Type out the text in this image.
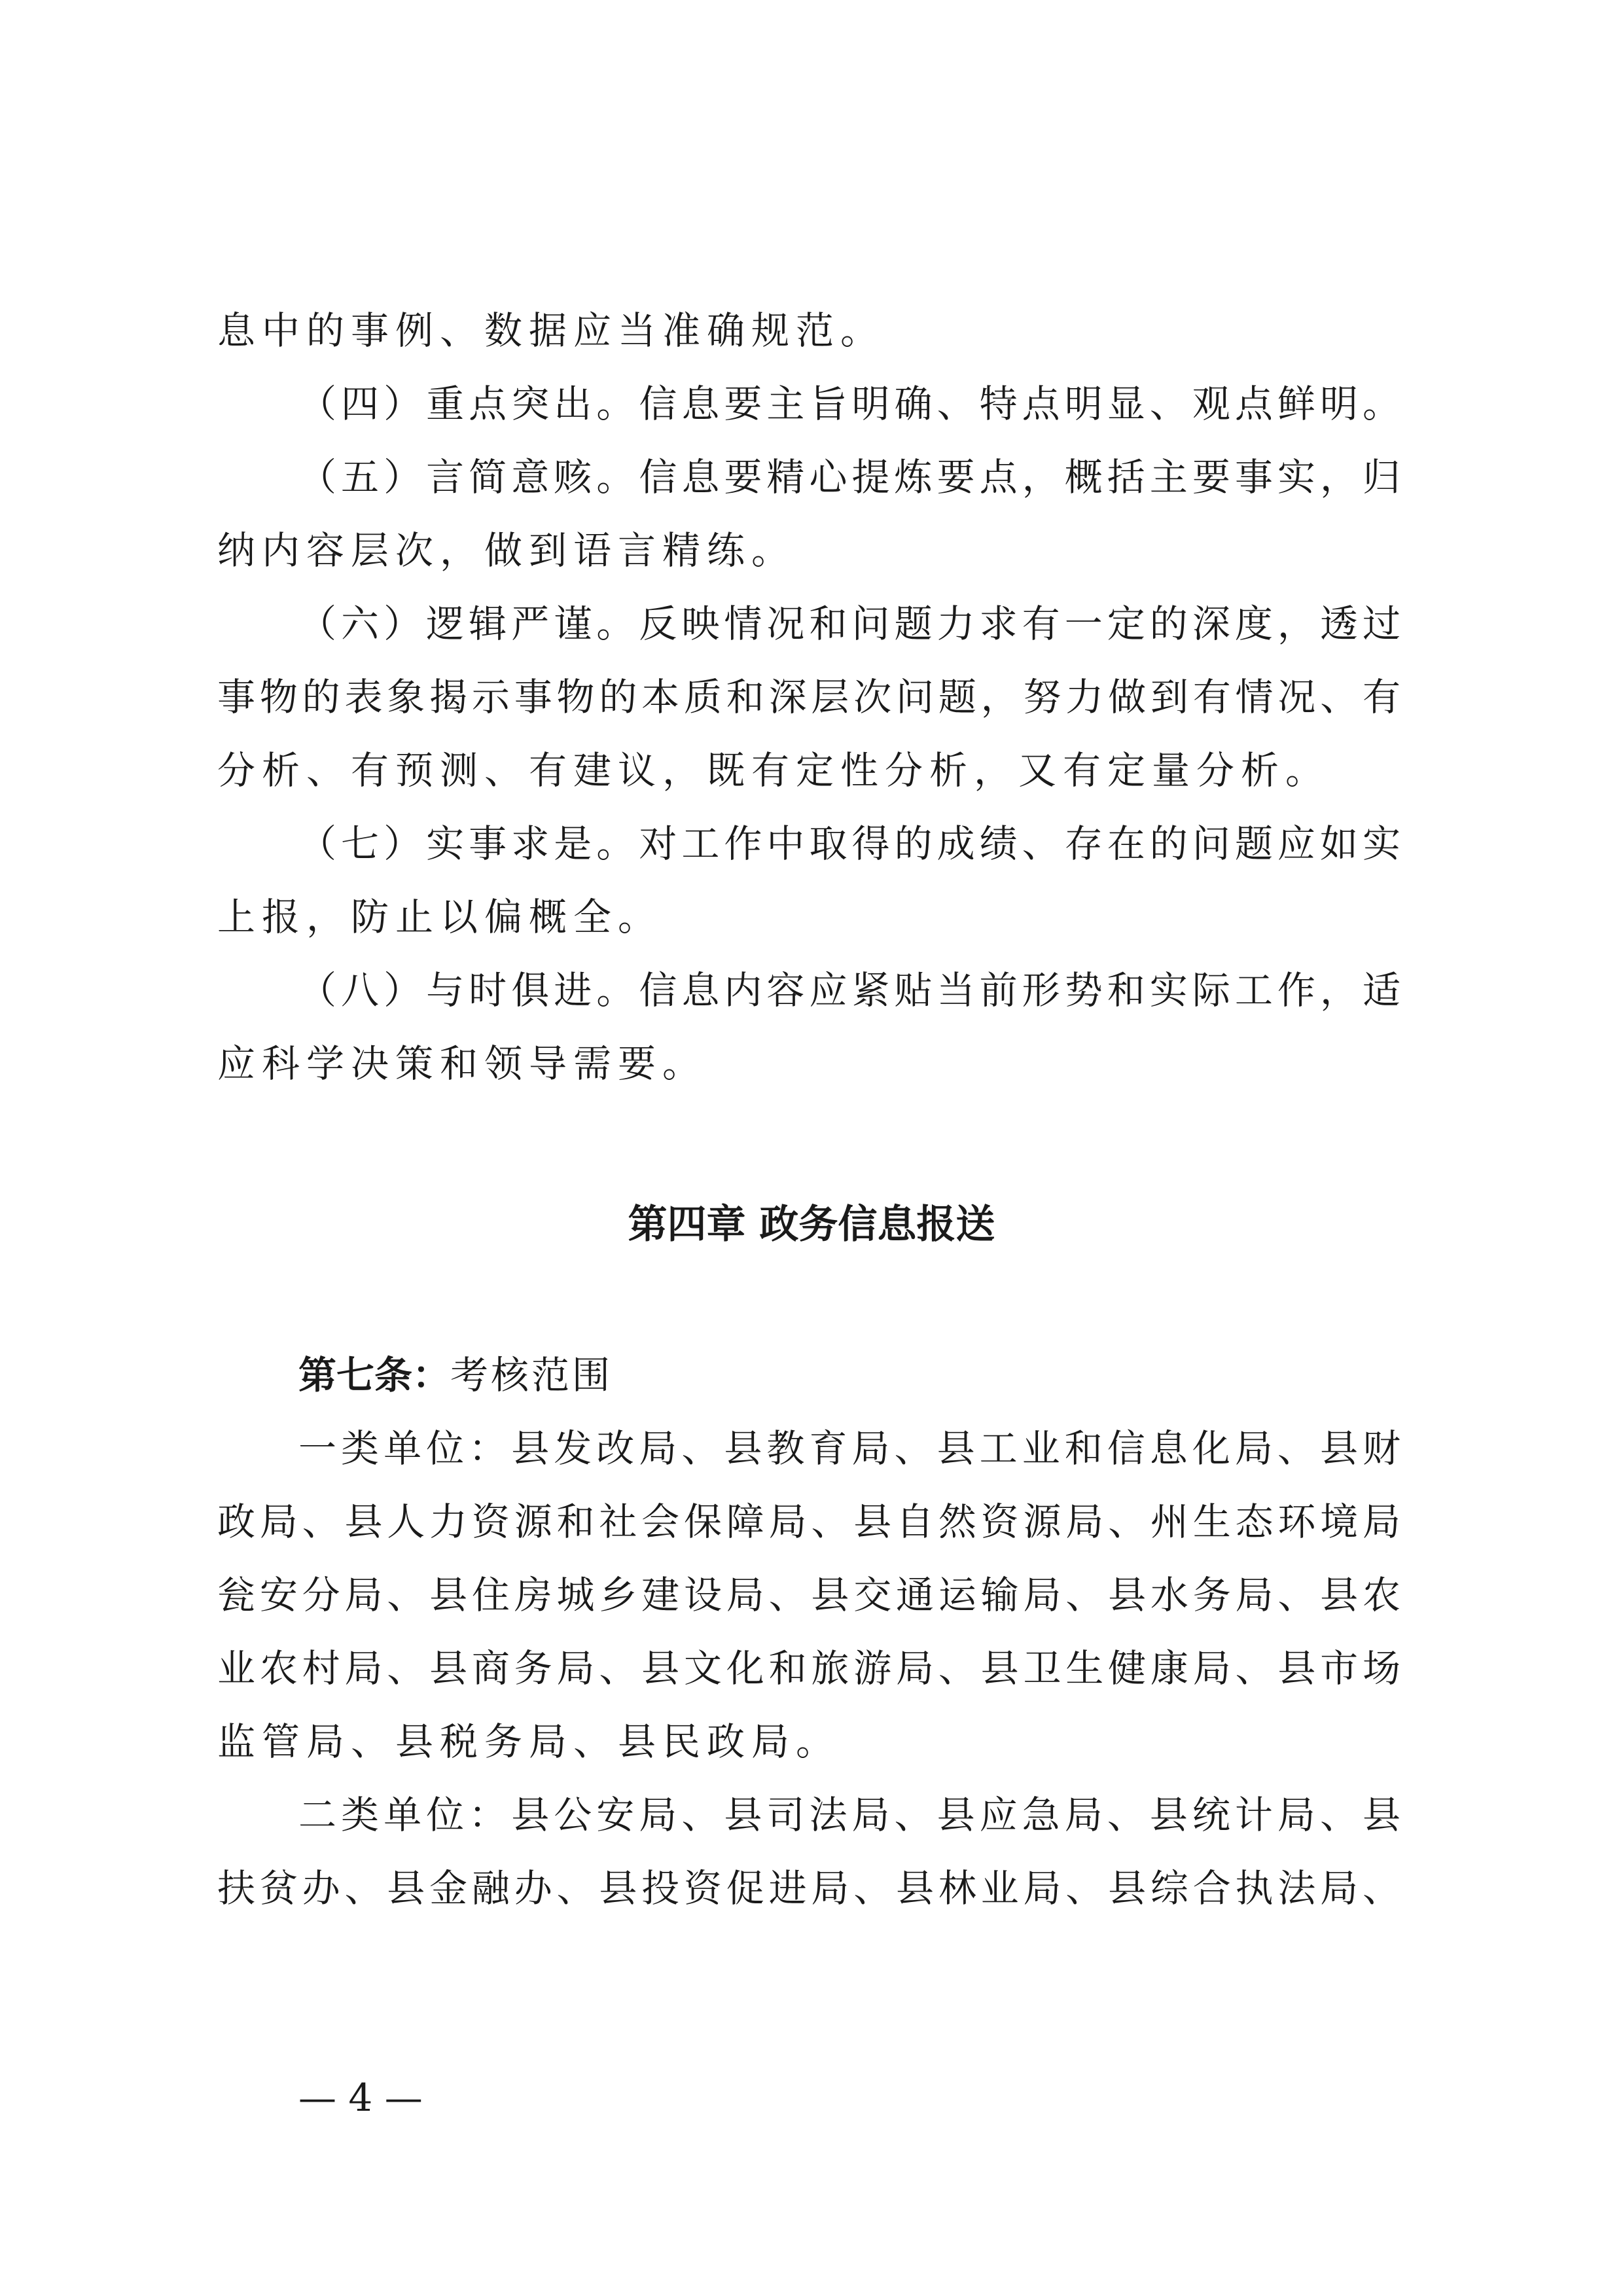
息中的事例、数据应当准确规范。
（四）重点突出。信息要主旨明确、特点明显、观点鲜明。
（五）言简意赅。信息要精心提炼要点，概括主要事实，归
纳内容层次，做到语言精练。
（六）逻辑严谨。反映情况和问题力求有一定的深度，透过
事物的表象揭示事物的本质和深层次问题，努力做到有情况、有
分析、有预测、有建议，既有定性分析，又有定量分析。
（七）实事求是。对工作中取得的成绩、存在的问题应如实
上报，防止以偏概全。
（八）与时俱进。信息内容应紧贴当前形势和实际工作，适
应科学决策和领导需要。
第四章 政务信息报送
第七条：考核范围
一类单位：县发改局、县教育局、县工业和信息化局、县财
政局、县人力资源和社会保障局、县自然资源局、州生态环境局
瓮安分局、县住房城乡建设局、县交通运输局、县水务局、县农
业农村局、县商务局、县文化和旅游局、县卫生健康局、县市场
监管局、县税务局、县民政局。
二类单位：县公安局、县司法局、县应急局、县统计局、县
扶贫办、县金融办、县投资促进局、县林业局、县综合执法局、
— 4 —
